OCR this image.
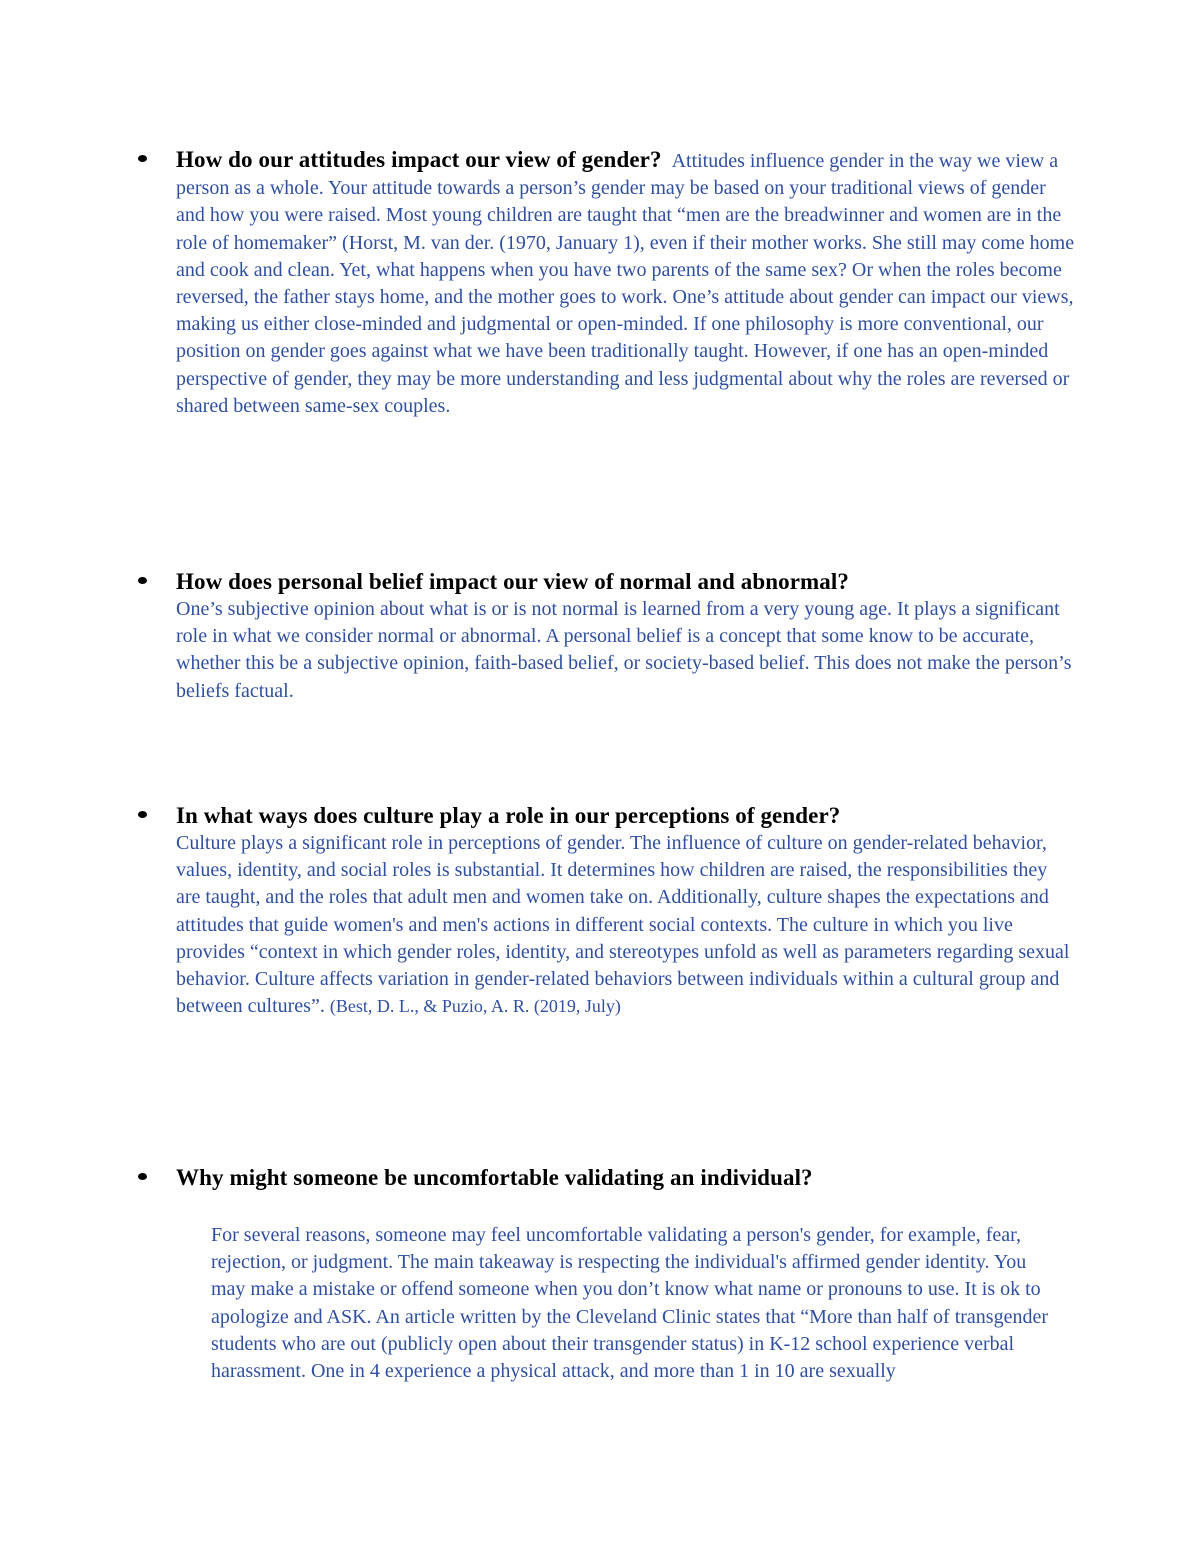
How do our attitudes impact our view of gender? Attitudes influence gender in the way we view a person as a whole. Your attitude towards a person’s gender may be based on your traditional views of gender and how you were raised. Most young children are taught that “men are the breadwinner and women are in the role of homemaker” (Horst, M. van der. (1970, January 1), even if their mother works. She still may come home and cook and clean. Yet, what happens when you have two parents of the same sex? Or when the roles become reversed, the father stays home, and the mother goes to work. One’s attitude about gender can impact our views, making us either close-minded and judgmental or open-minded. If one philosophy is more conventional, our position on gender goes against what we have been traditionally taught. However, if one has an open-minded perspective of gender, they may be more understanding and less judgmental about why the roles are reversed or shared between same-sex couples.
How does personal belief impact our view of normal and abnormal?
One’s subjective opinion about what is or is not normal is learned from a very young age. It plays a significant role in what we consider normal or abnormal. A personal belief is a concept that some know to be accurate, whether this be a subjective opinion, faith-based belief, or society-based belief. This does not make the person’s beliefs factual.
In what ways does culture play a role in our perceptions of gender?
Culture plays a significant role in perceptions of gender. The influence of culture on gender-related behavior, values, identity, and social roles is substantial. It determines how children are raised, the responsibilities they are taught, and the roles that adult men and women take on. Additionally, culture shapes the expectations and attitudes that guide women's and men's actions in different social contexts. The culture in which you live provides “context in which gender roles, identity, and stereotypes unfold as well as parameters regarding sexual behavior. Culture affects variation in gender-related behaviors between individuals within a cultural group and between cultures”. (Best, D. L., & Puzio, A. R. (2019, July)
Why might someone be uncomfortable validating an individual?
For several reasons, someone may feel uncomfortable validating a person's gender, for example, fear, rejection, or judgment. The main takeaway is respecting the individual's affirmed gender identity. You may make a mistake or offend someone when you don’t know what name or pronouns to use. It is ok to apologize and ASK. An article written by the Cleveland Clinic states that “More than half of transgender students who are out (publicly open about their transgender status) in K-12 school experience verbal harassment. One in 4 experience a physical attack, and more than 1 in 10 are sexually
